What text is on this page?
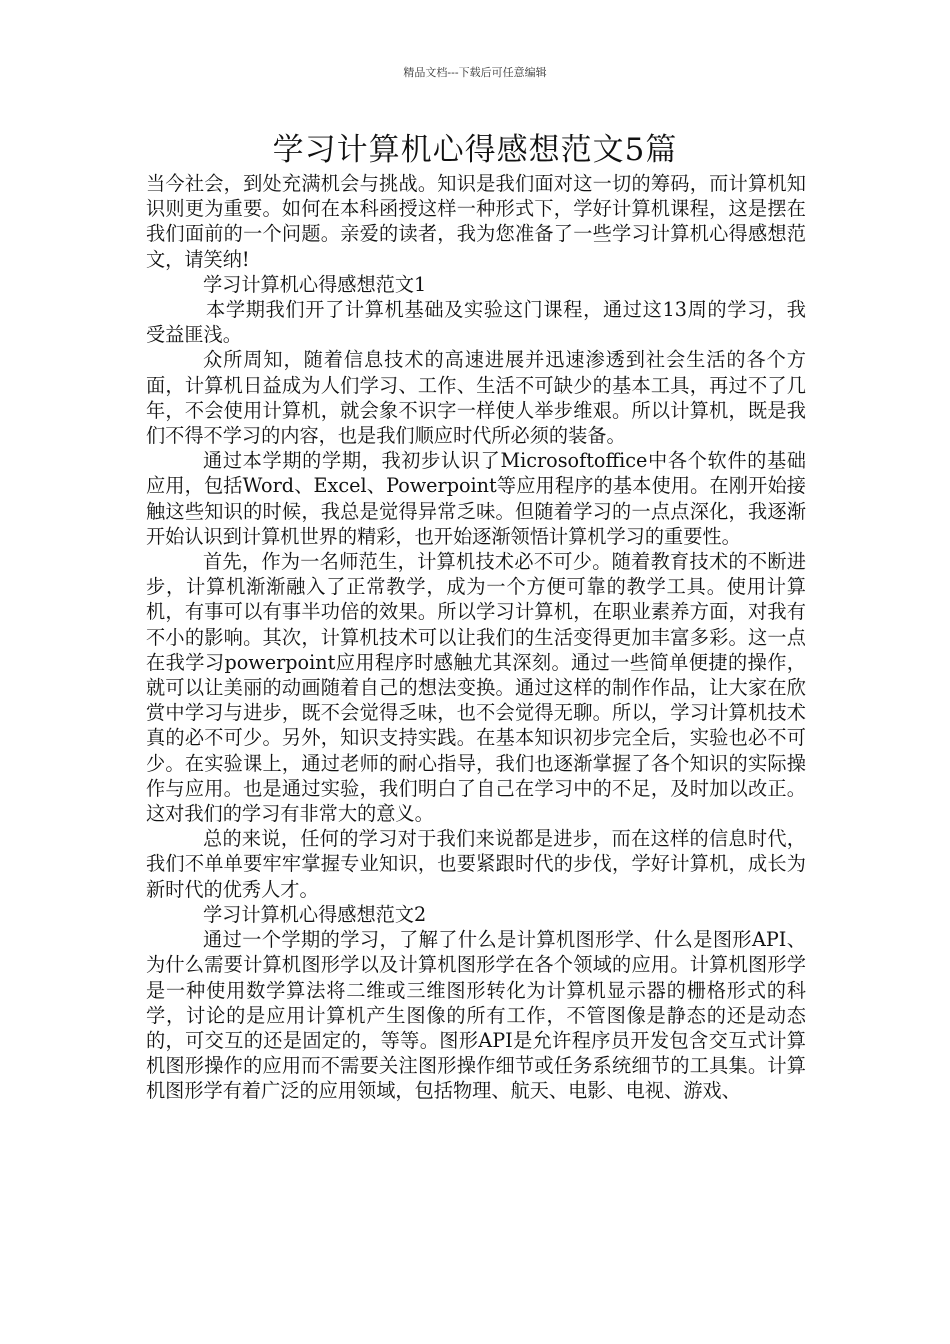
精品文档---下载后可任意编辑
学习计算机心得感想范文5篇

当今社会，到处充满机会与挑战。知识是我们面对这一切的筹码，而计算机知识则更为重要。如何在本科函授这样一种形式下，学好计算机课程，这是摆在我们面前的一个问题。亲爱的读者，我为您准备了一些学习计算机心得感想范文，请笑纳!

学习计算机心得感想范文1

本学期我们开了计算机基础及实验这门课程，通过这13周的学习，我受益匪浅。

众所周知，随着信息技术的高速进展并迅速渗透到社会生活的各个方面，计算机日益成为人们学习、工作、生活不可缺少的基本工具，再过不了几年，不会使用计算机，就会象不识字一样使人举步维艰。所以计算机，既是我们不得不学习的内容，也是我们顺应时代所必须的装备。

通过本学期的学期，我初步认识了Microsoftoffice中各个软件的基础应用，包括Word、Excel、Powerpoint等应用程序的基本使用。在刚开始接触这些知识的时候，我总是觉得异常乏味。但随着学习的一点点深化，我逐渐开始认识到计算机世界的精彩，也开始逐渐领悟计算机学习的重要性。

首先，作为一名师范生，计算机技术必不可少。随着教育技术的不断进步，计算机渐渐融入了正常教学，成为一个方便可靠的教学工具。使用计算机，有事可以有事半功倍的效果。所以学习计算机，在职业素养方面，对我有不小的影响。其次，计算机技术可以让我们的生活变得更加丰富多彩。这一点在我学习powerpoint应用程序时感触尤其深刻。通过一些简单便捷的操作，就可以让美丽的动画随着自己的想法变换。通过这样的制作作品，让大家在欣赏中学习与进步，既不会觉得乏味，也不会觉得无聊。所以，学习计算机技术真的必不可少。另外，知识支持实践。在基本知识初步完全后，实验也必不可少。在实验课上，通过老师的耐心指导，我们也逐渐掌握了各个知识的实际操作与应用。也是通过实验，我们明白了自己在学习中的不足，及时加以改正。这对我们的学习有非常大的意义。

总的来说，任何的学习对于我们来说都是进步，而在这样的信息时代，我们不单单要牢牢掌握专业知识，也要紧跟时代的步伐，学好计算机，成长为新时代的优秀人才。

学习计算机心得感想范文2

通过一个学期的学习，了解了什么是计算机图形学、什么是图形API、为什么需要计算机图形学以及计算机图形学在各个领域的应用。计算机图形学是一种使用数学算法将二维或三维图形转化为计算机显示器的栅格形式的科学，讨论的是应用计算机产生图像的所有工作，不管图像是静态的还是动态的，可交互的还是固定的，等等。图形API是允许程序员开发包含交互式计算机图形操作的应用而不需要关注图形操作细节或任务系统细节的工具集。计算机图形学有着广泛的应用领域，包括物理、航天、电影、电视、游戏、
